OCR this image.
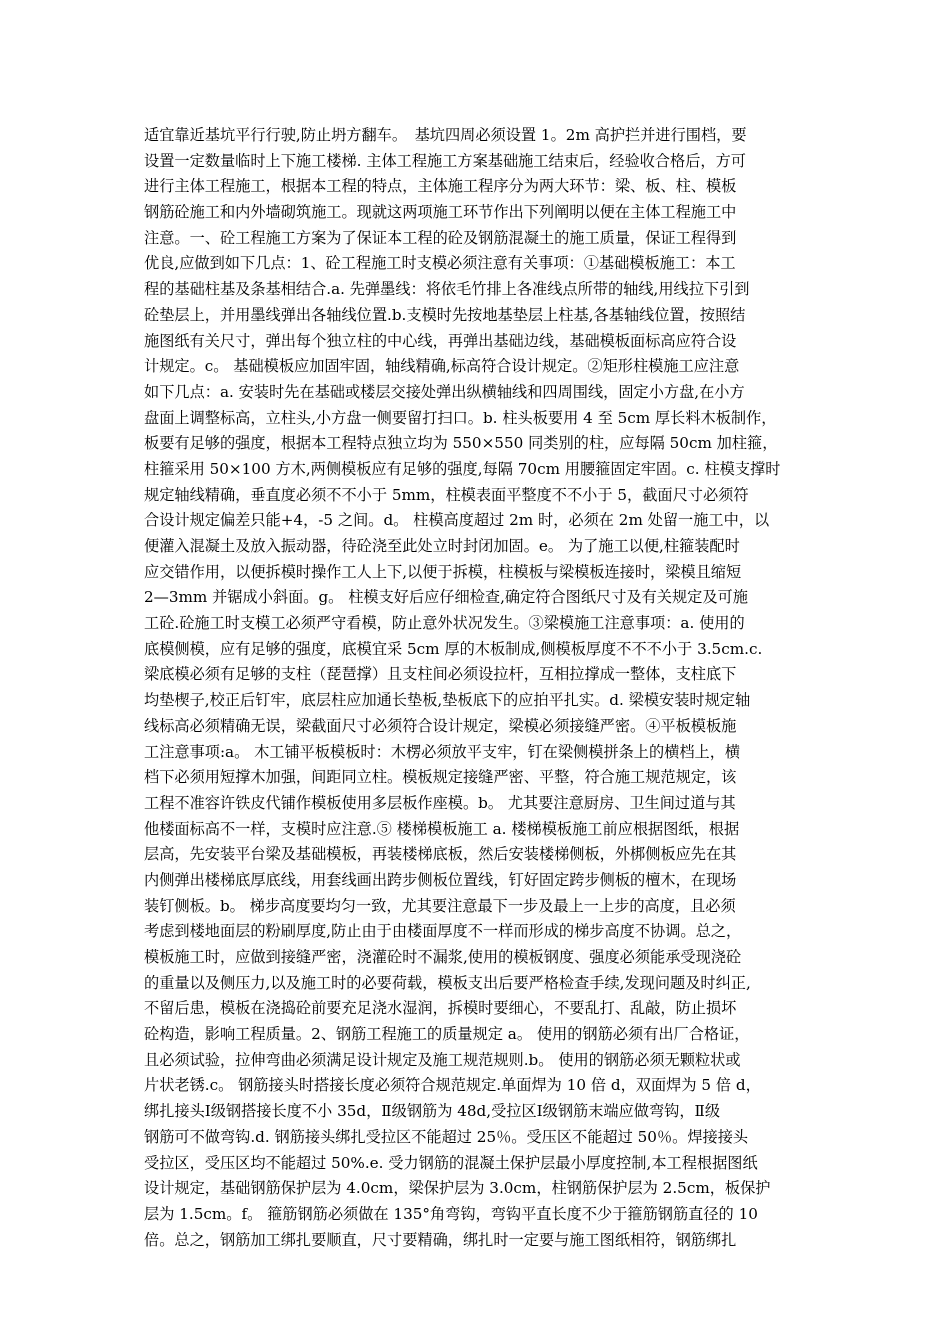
适宜靠近基坑平行行驶,防止坍方翻车。　基坑四周必须设置 1。2m 高护拦并进行围档，要
设置一定数量临时上下施工楼梯. 主体工程施工方案基础施工结束后，经验收合格后，方可
进行主体工程施工，根据本工程的特点，主体施工程序分为两大环节：梁、板、柱、模板
钢筋砼施工和内外墙砌筑施工。现就这两项施工环节作出下列阐明以便在主体工程施工中
注意。一、砼工程施工方案为了保证本工程的砼及钢筋混凝土的施工质量，保证工程得到
优良,应做到如下几点：1、砼工程施工时支模必须注意有关事项：①基础模板施工：本工
程的基础柱基及条基相结合.a. 先弹墨线：将依毛竹排上各准线点所带的轴线,用线拉下引到
砼垫层上，并用墨线弹出各轴线位置.b.支模时先按地基垫层上柱基,各基轴线位置，按照结
施图纸有关尺寸，弹出每个独立柱的中心线，再弹出基础边线，基础模板面标高应符合设
计规定。c。 基础模板应加固牢固，轴线精确,标高符合设计规定。②矩形柱模施工应注意
如下几点：a. 安装时先在基础或楼层交接处弹出纵横轴线和四周围线，固定小方盘,在小方
盘面上调整标高，立柱头,小方盘一侧要留打扫口。b. 柱头板要用 4 至 5cm 厚长料木板制作，
板要有足够的强度，根据本工程特点独立均为 550×550 同类别的柱，应每隔 50cm 加柱箍，
柱箍采用 50×100 方木,两侧模板应有足够的强度,每隔 70cm 用腰箍固定牢固。c. 柱模支撑时
规定轴线精确，垂直度必须不不小于 5mm，柱模表面平整度不不小于 5，截面尺寸必须符
合设计规定偏差只能+4，-5 之间。d。 柱模高度超过 2m 时，必须在 2m 处留一施工中，以
便灌入混凝土及放入振动器，待砼浇至此处立时封闭加固。e。 为了施工以便,柱箍装配时
应交错作用，以便拆模时操作工人上下,以便于拆模，柱模板与梁模板连接时，梁模且缩短
2—3mm 并锯成小斜面。g。 柱模支好后应仔细检查,确定符合图纸尺寸及有关规定及可施
工砼.砼施工时支模工必须严守看模，防止意外状况发生。③梁模施工注意事项：a. 使用的
底模侧模，应有足够的强度，底模宜采 5cm 厚的木板制成,侧模板厚度不不不小于 3.5cm.c.
梁底模必须有足够的支柱（琵琶撑）且支柱间必须设拉杆，互相拉撑成一整体，支柱底下
均垫楔子,校正后钉牢，底层柱应加通长垫板,垫板底下的应拍平扎实。d. 梁模安装时规定轴
线标高必须精确无误，梁截面尺寸必须符合设计规定，梁模必须接缝严密。④平板模板施
工注意事项:a。 木工铺平板模板时：木楞必须放平支牢，钉在梁侧模拼条上的横档上，横
档下必须用短撑木加强，间距同立柱。模板规定接缝严密、平整，符合施工规范规定，该
工程不准容许铁皮代铺作模板使用多层板作座模。b。 尤其要注意厨房、卫生间过道与其
他楼面标高不一样，支模时应注意.⑤ 楼梯模板施工 a. 楼梯模板施工前应根据图纸，根据
层高，先安装平台梁及基础模板，再装楼梯底板，然后安装楼梯侧板，外梆侧板应先在其
内侧弹出楼梯底厚底线，用套线画出跨步侧板位置线，钉好固定跨步侧板的檀木，在现场
装钉侧板。b。 梯步高度要均匀一致，尤其要注意最下一步及最上一上步的高度，且必须
考虑到楼地面层的粉刷厚度,防止由于由楼面厚度不一样而形成的梯步高度不协调。总之，
模板施工时，应做到接缝严密，浇灌砼时不漏浆,使用的模板钢度、强度必须能承受现浇砼
的重量以及侧压力,以及施工时的必要荷载，模板支出后要严格检查手续,发现问题及时纠正,
不留后患，模板在浇捣砼前要充足浇水湿润，拆模时要细心，不要乱打、乱敲，防止损坏
砼构造，影响工程质量。2、钢筋工程施工的质量规定 a。 使用的钢筋必须有出厂合格证，
且必须试验，拉伸弯曲必须满足设计规定及施工规范规则.b。 使用的钢筋必须无颗粒状或
片状老锈.c。 钢筋接头时搭接长度必须符合规范规定.单面焊为 10 倍 d，双面焊为 5 倍 d，
绑扎接头Ⅰ级钢搭接长度不小 35d，Ⅱ级钢筋为 48d,受拉区Ⅰ级钢筋末端应做弯钩，Ⅱ级
钢筋可不做弯钩.d. 钢筋接头绑扎受拉区不能超过 25％。受压区不能超过 50％。焊接接头
受拉区，受压区均不能超过 50%.e. 受力钢筋的混凝土保护层最小厚度控制,本工程根据图纸
设计规定，基础钢筋保护层为 4.0cm，梁保护层为 3.0cm，柱钢筋保护层为 2.5cm，板保护
层为 1.5cm。f。 箍筋钢筋必须做在 135°角弯钩，弯钩平直长度不少于箍筋钢筋直径的 10
倍。总之，钢筋加工绑扎要顺直，尺寸要精确，绑扎时一定要与施工图纸相符，钢筋绑扎
